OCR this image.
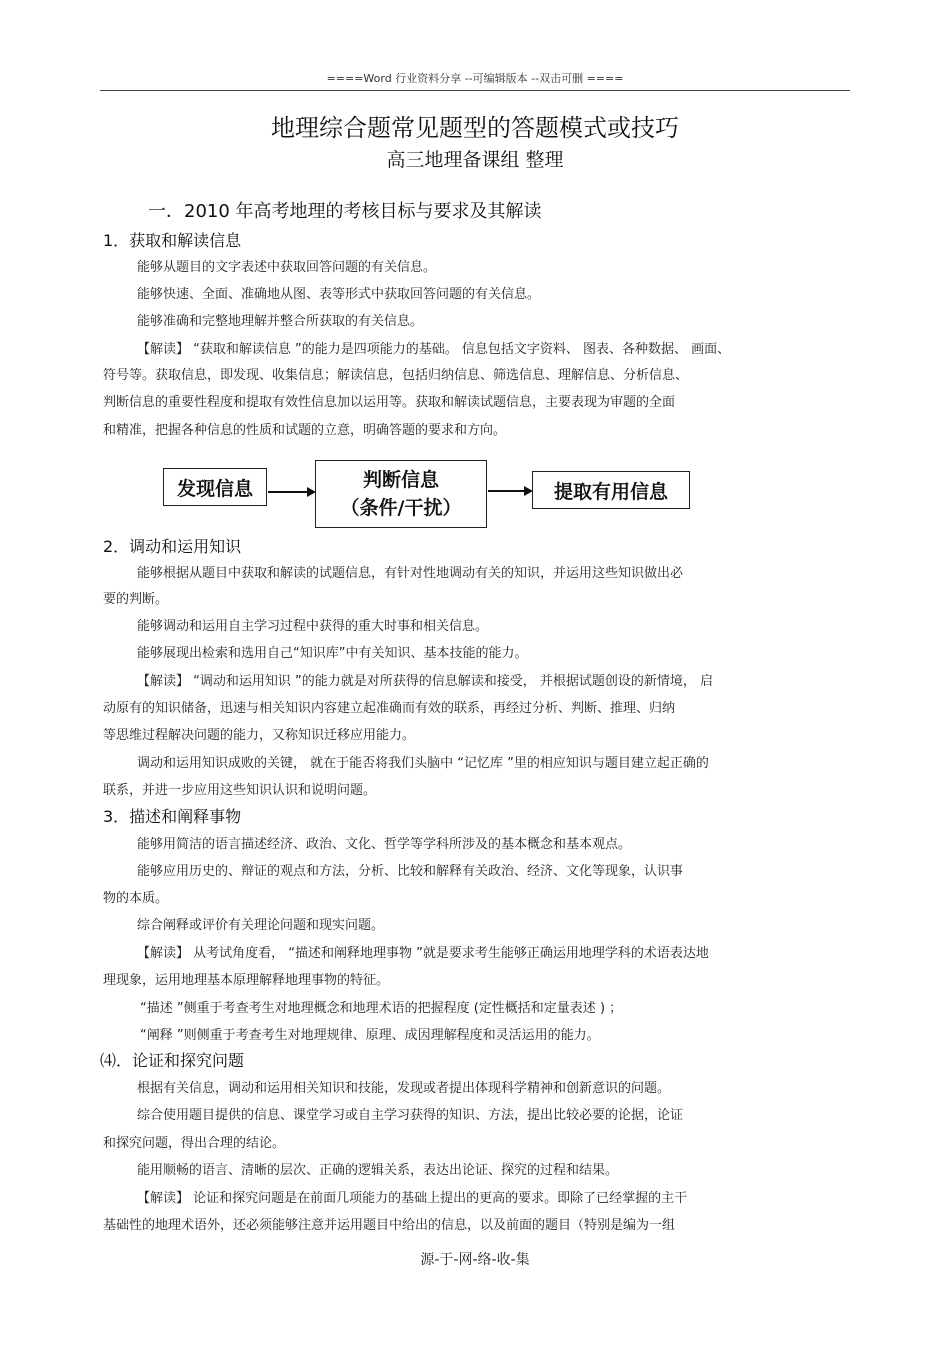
====Word 行业资料分享 --可编辑版本 --双击可删 ====
地理综合题常见题型的答题模式或技巧
高三地理备课组 整理
一．2010 年高考地理的考核目标与要求及其解读
1．获取和解读信息
能够从题目的文字表述中获取回答问题的有关信息。
能够快速、全面、准确地从图、表等形式中获取回答问题的有关信息。
能够准确和完整地理解并整合所获取的有关信息。
【解读】 “获取和解读信息 ”的能力是四项能力的基础。 信息包括文字资料、 图表、各种数据、 画面、
符号等。获取信息，即发现、收集信息；解读信息，包括归纳信息、筛选信息、理解信息、分析信息、
判断信息的重要性程度和提取有效性信息加以运用等。获取和解读试题信息，主要表现为审题的全面
和精准，把握各种信息的性质和试题的立意，明确答题的要求和方向。
发现信息	判断信息
（条件/干扰）
提取有用信息
2．调动和运用知识
能够根据从题目中获取和解读的试题信息，有针对性地调动有关的知识，并运用这些知识做出必
要的判断。
能够调动和运用自主学习过程中获得的重大时事和相关信息。
能够展现出检索和选用自己“知识库”中有关知识、基本技能的能力。
【解读】 “调动和运用知识 ”的能力就是对所获得的信息解读和接受， 并根据试题创设的新情境， 启
动原有的知识储备，迅速与相关知识内容建立起准确而有效的联系，再经过分析、判断、推理、归纳
等思维过程解决问题的能力，又称知识迁移应用能力。
调动和运用知识成败的关键， 就在于能否将我们头脑中 “记忆库 ”里的相应知识与题目建立起正确的
联系，并进一步应用这些知识认识和说明问题。
3．描述和阐释事物
能够用简洁的语言描述经济、政治、文化、哲学等学科所涉及的基本概念和基本观点。
能够应用历史的、辩证的观点和方法，分析、比较和解释有关政治、经济、文化等现象，认识事
物的本质。
综合阐释或评价有关理论问题和现实问题。
【解读】 从考试角度看， “描述和阐释地理事物 ”就是要求考生能够正确运用地理学科的术语表达地
理现象，运用地理基本原理解释地理事物的特征。
“描述 ”侧重于考查考生对地理概念和地理术语的把握程度 (定性概括和定量表述 ) ；
“阐释 ”则侧重于考查考生对地理规律、原理、成因理解程度和灵活运用的能力。
⑷．论证和探究问题
根据有关信息，调动和运用相关知识和技能，发现或者提出体现科学精神和创新意识的问题。
综合使用题目提供的信息、课堂学习或自主学习获得的知识、方法，提出比较必要的论据，论证
和探究问题，得出合理的结论。
能用顺畅的语言、清晰的层次、正确的逻辑关系，表达出论证、探究的过程和结果。
【解读】 论证和探究问题是在前面几项能力的基础上提出的更高的要求。即除了已经掌握的主干
基础性的地理术语外，还必须能够注意并运用题目中给出的信息，以及前面的题目（特别是编为一组
源-于-网-络-收-集
